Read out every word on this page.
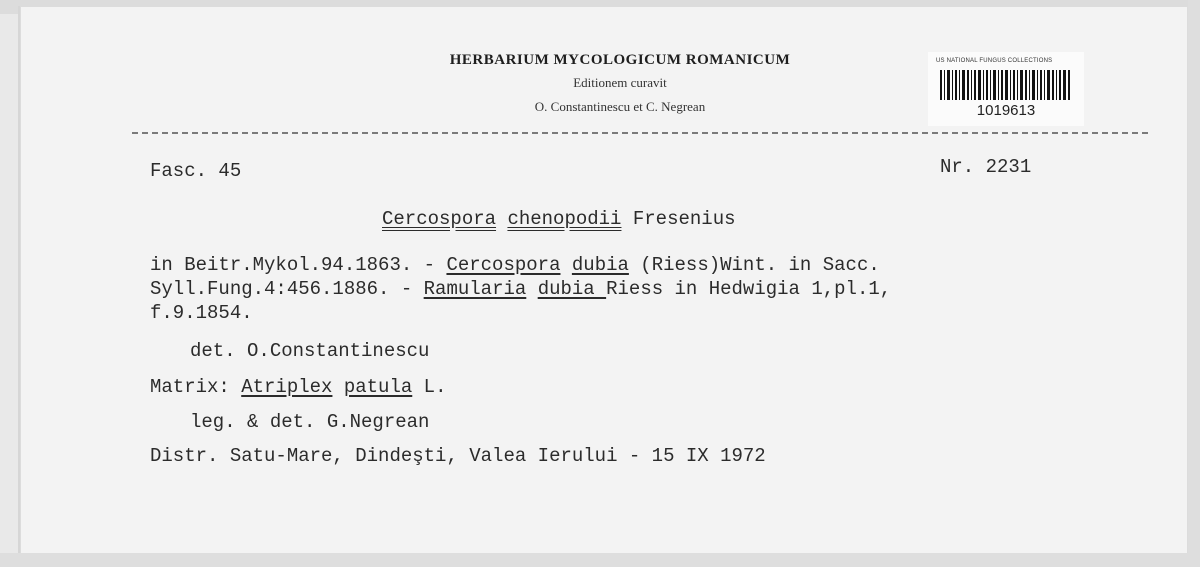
HERBARIUM MYCOLOGICUM ROMANICUM
Editionem curavit
O. Constantinescu et C. Negrean
US NATIONAL FUNGUS COLLECTIONS
1019613
Fasc. 45	Nr. 2231
Cercospora chenopodii Fresenius
in Beitr.Mykol.94.1863. - Cercospora dubia (Riess)Wint. in Sacc.
Syll.Fung.4:456.1886. - Ramularia dubia Riess in Hedwigia 1,pl.1,
f.9.1854.
det. O.Constantinescu
Matrix: Atriplex patula L.
leg. & det. G.Negrean
Distr. Satu-Mare, Dindeşti, Valea Ierului - 15 IX 1972
